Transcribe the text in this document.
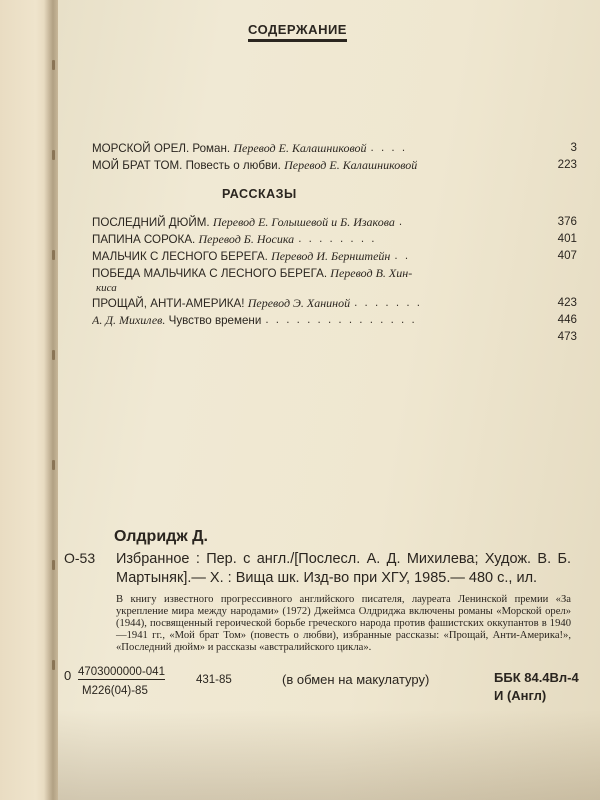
СОДЕРЖАНИЕ
МОРСКОЙ ОРЕЛ. Роман. Перевод Е. Калашниковой . . . .	3
МОЙ БРАТ ТОМ. Повесть о любви. Перевод Е. Калашниковой	223
РАССКАЗЫ
ПОСЛЕДНИЙ ДЮЙМ. Перевод Е. Голышевой и Б. Изакова .	376
ПАПИНА СОРОКА. Перевод Б. Носика . . . . . . . .	401
МАЛЬЧИК С ЛЕСНОГО БЕРЕГА. Перевод И. Бернштейн . .	407
ПОБЕДА МАЛЬЧИКА С ЛЕСНОГО БЕРЕГА. Перевод В. Хин-
киса
ПРОЩАЙ, АНТИ-АМЕРИКА! Перевод Э. Ханиной . . . . . . .	423
А. Д. Михилев. Чувство времени . . . . . . . . . . . . . . .	446
473
Олдридж Д.
О-53	Избранное : Пер. с англ./[Послесл. А. Д. Михилева; Худож. В. Б. Мартыняк].— Х. : Вища шк. Изд-во при ХГУ, 1985.— 480 с., ил.
В книгу известного прогрессивного английского писателя, лауреата Ленинской премии «За укрепление мира между народами» (1972) Джеймса Олдриджа включены романы «Морской орел» (1944), посвященный героической борьбе греческого народа против фашистских оккупантов в 1940—1941 гг., «Мой брат Том» (повесть о любви), избранные рассказы: «Прощай, Анти-Америка!», «Последний дюйм» и рассказы «австралийского цикла».
0 4703000000-041
М226(04)-85
431-85	(в обмен на макулатуру)	ББК 84.4Вл-4
И (Англ)
